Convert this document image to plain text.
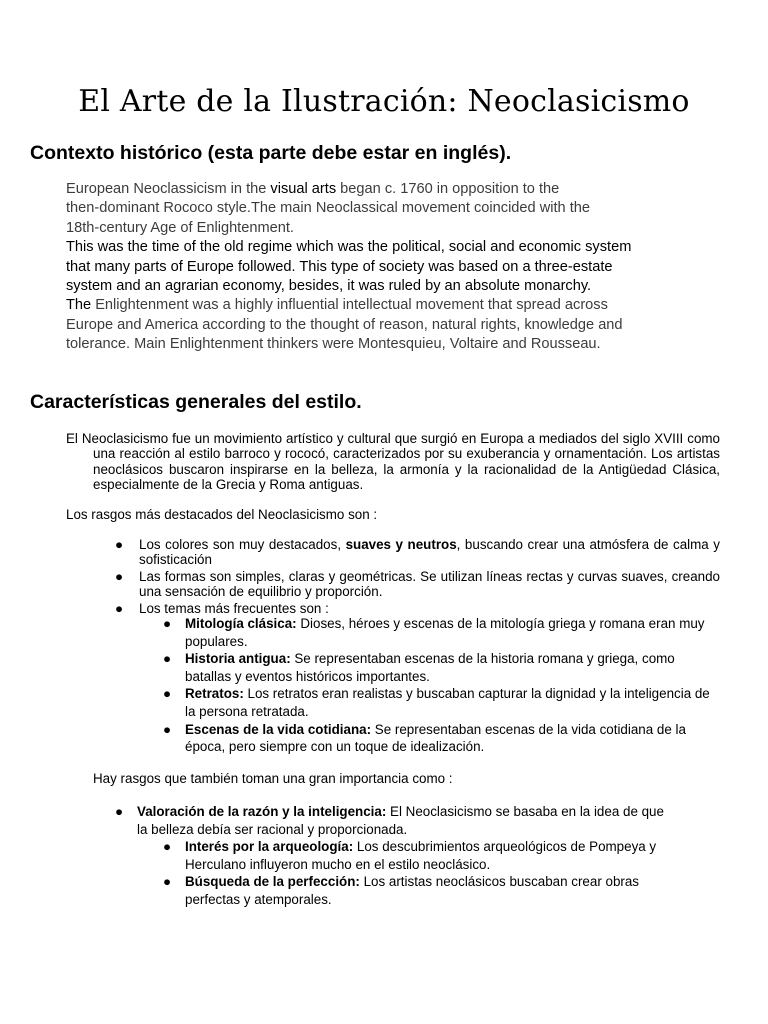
El Arte de la Ilustración: Neoclasicismo
Contexto histórico (esta parte debe estar en inglés).
European Neoclassicism in the visual arts began c. 1760 in opposition to the
then-dominant Rococo style.The main Neoclassical movement coincided with the
18th-century Age of Enlightenment.
This was the time of the old regime which was the political, social and economic system
that many parts of Europe followed. This type of society was based on a three-estate
system and an agrarian economy, besides, it was ruled by an absolute monarchy.
The Enlightenment was a highly influential intellectual movement that spread across
Europe and America according to the thought of reason, natural rights, knowledge and
tolerance. Main Enlightenment thinkers were Montesquieu, Voltaire and Rousseau.
Características generales del estilo.

El Neoclasicismo fue un movimiento artístico y cultural que surgió en Europa a mediados del siglo XVIII como una reacción al estilo barroco y rococó, caracterizados por su exuberancia y ornamentación. Los artistas neoclásicos buscaron inspirarse en la belleza, la armonía y la racionalidad de la Antigüedad Clásica, especialmente de la Grecia y Roma antiguas.

Los rasgos más destacados del Neoclasicismo son :

● Los colores son muy destacados, suaves y neutros, buscando crear una atmósfera de calma y sofisticación
● Las formas son simples, claras y geométricas. Se utilizan líneas rectas y curvas suaves, creando una sensación de equilibrio y proporción.
● Los temas más frecuentes son :
● Mitología clásica: Dioses, héroes y escenas de la mitología griega y romana eran muy populares.
● Historia antigua: Se representaban escenas de la historia romana y griega, como batallas y eventos históricos importantes.
● Retratos: Los retratos eran realistas y buscaban capturar la dignidad y la inteligencia de la persona retratada.
● Escenas de la vida cotidiana: Se representaban escenas de la vida cotidiana de la época, pero siempre con un toque de idealización.

Hay rasgos que también toman una gran importancia como :

● Valoración de la razón y la inteligencia: El Neoclasicismo se basaba en la idea de que la belleza debía ser racional y proporcionada.
● Interés por la arqueología: Los descubrimientos arqueológicos de Pompeya y Herculano influyeron mucho en el estilo neoclásico.
● Búsqueda de la perfección: Los artistas neoclásicos buscaban crear obras perfectas y atemporales.
